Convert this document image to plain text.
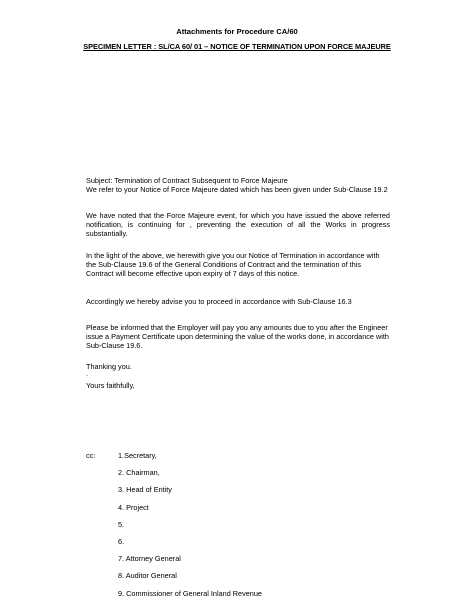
Attachments for Procedure CA/60
SPECIMEN LETTER : SL/CA 60/ 01 – NOTICE OF TERMINATION UPON FORCE MAJEURE
Subject: Termination of Contract Subsequent to Force Majeure
We refer to your Notice of Force Majeure dated which has been given under Sub-Clause 19.2
We have noted that the Force Majeure event, for which you have issued the above referred notification, is continuing for , preventing the execution of all the Works in progress substantially.
In the light of the above, we herewith give you our Notice of Termination in accordance with the Sub-Clause 19.6 of the General Conditions of Contract and the termination of this Contract will become effective upon expiry of 7 days of this notice.
Accordingly we hereby advise you to proceed in accordance with Sub-Clause 16.3
Please be informed that the Employer will pay you any amounts due to you after the Engineer issue a Payment Certificate upon determining the value of the works done, in accordance with Sub-Clause 19.6.
Thanking you.
.
Yours faithfully,
cc:	1.Secretary,
2. Chairman,
3. Head of Entity
4. Project
5.
6.
7. Attorney General
8. Auditor General
9. Commissioner of General Inland Revenue
